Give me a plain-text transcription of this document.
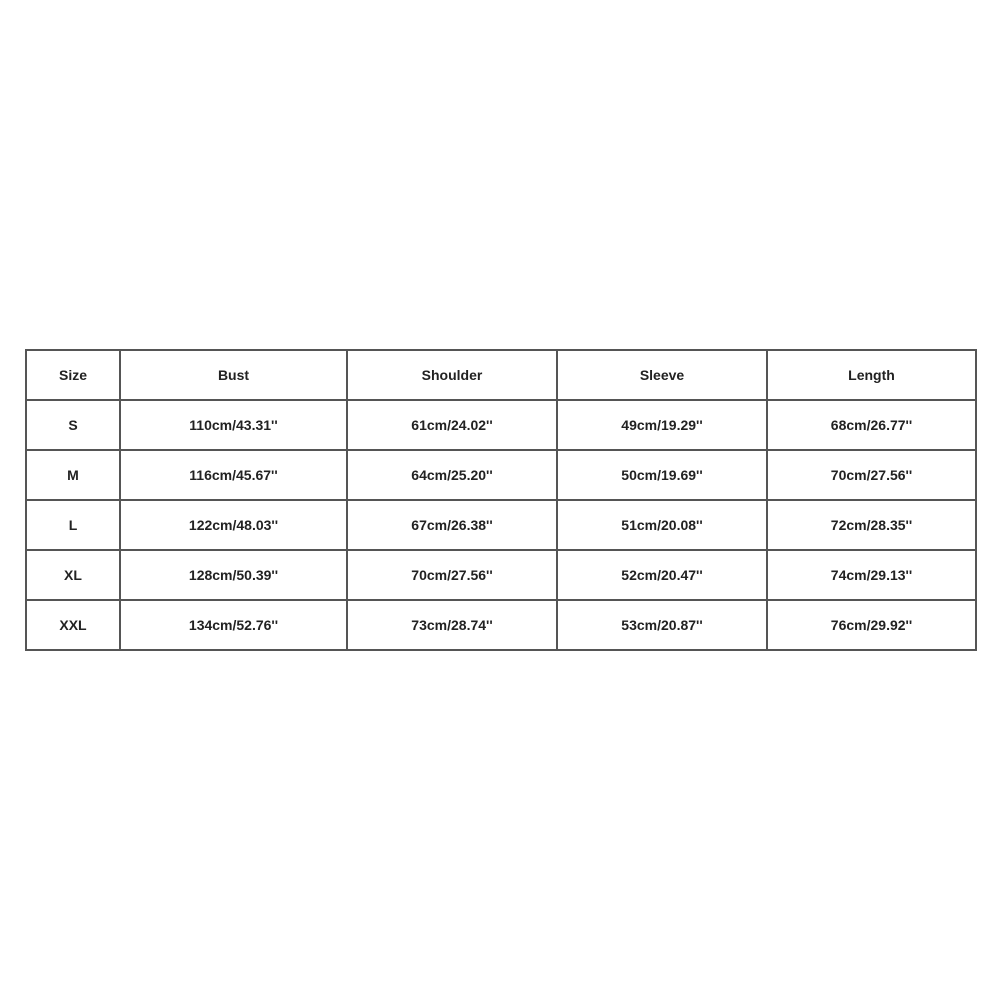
Size	Bust	Shoulder	Sleeve	Length
S	110cm/43.31''	61cm/24.02''	49cm/19.29''	68cm/26.77''
M	116cm/45.67''	64cm/25.20''	50cm/19.69''	70cm/27.56''
L	122cm/48.03''	67cm/26.38''	51cm/20.08''	72cm/28.35''
XL	128cm/50.39''	70cm/27.56''	52cm/20.47''	74cm/29.13''
XXL	134cm/52.76''	73cm/28.74''	53cm/20.87''	76cm/29.92''
